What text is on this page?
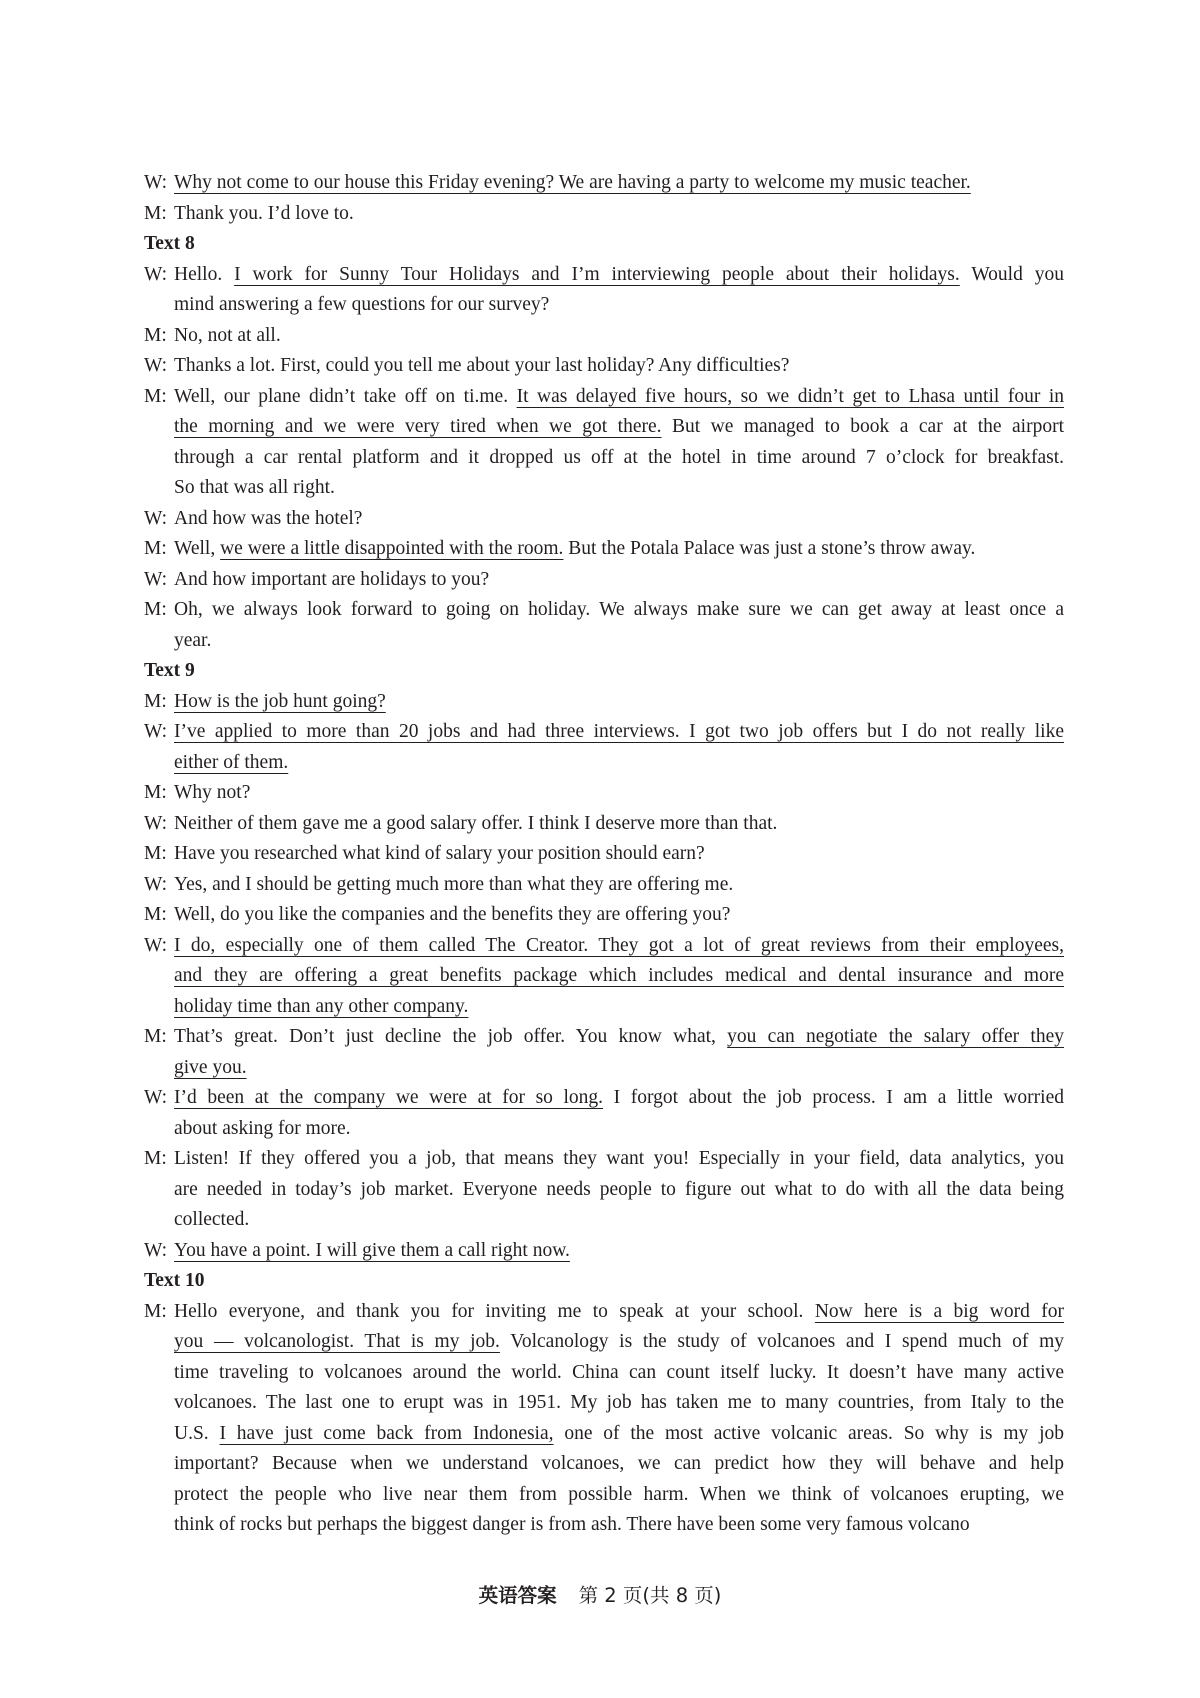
W: Why not come to our house this Friday evening? We are having a party to welcome my music teacher.
M: Thank you. I’d love to.
Text 8
W: Hello. I work for Sunny Tour Holidays and I’m interviewing people about their holidays. Would you
mind answering a few questions for our survey?
M: No, not at all.
W: Thanks a lot. First, could you tell me about your last holiday? Any difficulties?
M: Well, our plane didn’t take off on ti.me. It was delayed five hours, so we didn’t get to Lhasa until four in
the morning and we were very tired when we got there. But we managed to book a car at the airport
through a car rental platform and it dropped us off at the hotel in time around 7 o’clock for breakfast.
So that was all right.
W: And how was the hotel?
M: Well, we were a little disappointed with the room. But the Potala Palace was just a stone’s throw away.
W: And how important are holidays to you?
M: Oh, we always look forward to going on holiday. We always make sure we can get away at least once a
year.
Text 9
M: How is the job hunt going?
W: I’ve applied to more than 20 jobs and had three interviews. I got two job offers but I do not really like
either of them.
M: Why not?
W: Neither of them gave me a good salary offer. I think I deserve more than that.
M: Have you researched what kind of salary your position should earn?
W: Yes, and I should be getting much more than what they are offering me.
M: Well, do you like the companies and the benefits they are offering you?
W: I do, especially one of them called The Creator. They got a lot of great reviews from their employees,
and they are offering a great benefits package which includes medical and dental insurance and more
holiday time than any other company.
M: That’s great. Don’t just decline the job offer. You know what, you can negotiate the salary offer they
give you.
W: I’d been at the company we were at for so long. I forgot about the job process. I am a little worried
about asking for more.
M: Listen! If they offered you a job, that means they want you! Especially in your field, data analytics, you
are needed in today’s job market. Everyone needs people to figure out what to do with all the data being
collected.
W: You have a point. I will give them a call right now.
Text 10
M: Hello everyone, and thank you for inviting me to speak at your school. Now here is a big word for
you — volcanologist. That is my job. Volcanology is the study of volcanoes and I spend much of my
time traveling to volcanoes around the world. China can count itself lucky. It doesn’t have many active
volcanoes. The last one to erupt was in 1951. My job has taken me to many countries, from Italy to the
U.S. I have just come back from Indonesia, one of the most active volcanic areas. So why is my job
important? Because when we understand volcanoes, we can predict how they will behave and help
protect the people who live near them from possible harm. When we think of volcanoes erupting, we
think of rocks but perhaps the biggest danger is from ash. There have been some very famous volcano
英语答案 第 2 页(共 8 页)
